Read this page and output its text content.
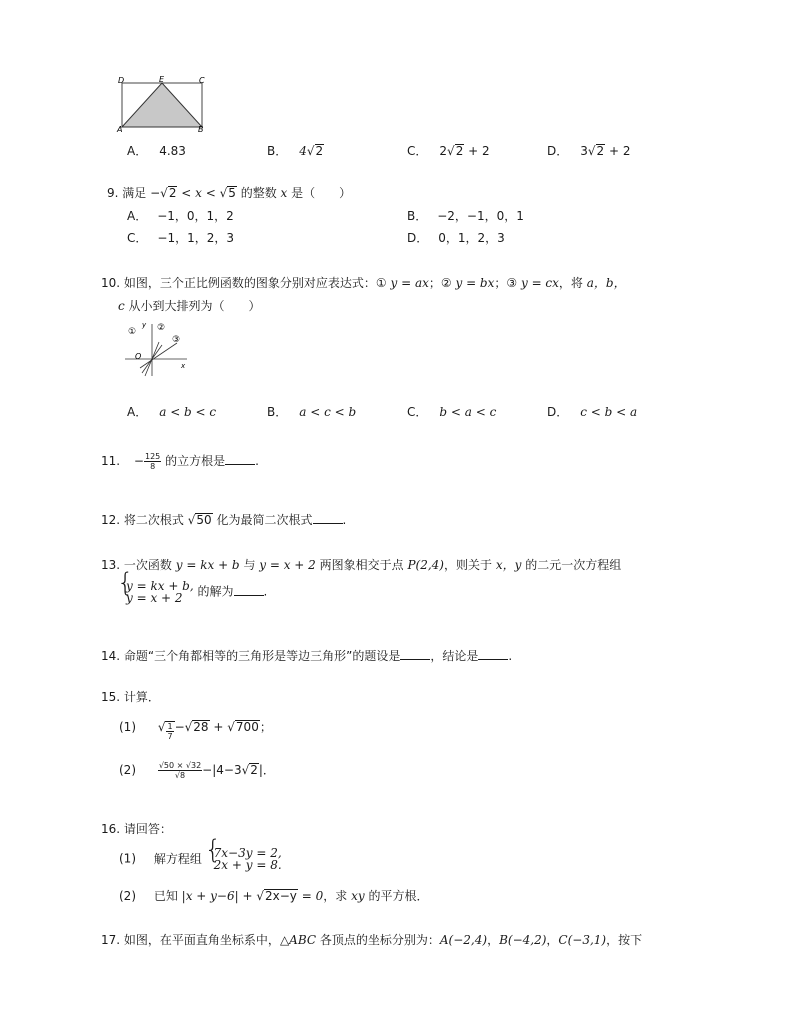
D	E	C
A	B
A． 4.83	B． 4√2	C． 2√2 + 2	D． 3√2 + 2
9. 满足 −√2 < x < √5 的整数 x 是（　　）
A． −1，0，1，2	B． −2，−1，0，1
C． −1，1，2，3	D． 0，1，2，3
10. 如图，三个正比例函数的图象分别对应表达式：① y = ax；② y = bx；③ y = cx，将 a，b，
c 从小到大排列为（　　）
① ②
③
y
O
x
A． a < b < c	B． a < c < b	C． b < a < c	D． c < b < a
11. − $\frac{125}{8}$ 的立方根是	.
12. 将二次根式 √50 化为最简二次根式	.
13. 一次函数 y = kx + b 与 y = x + 2 两图象相交于点 P(2,4)，则关于 x，y 的二元一次方程组
{ y = kx + b,
y = x + 2 的解为	.
14. 命题“三个角都相等的三角形是等边三角形”的题设是	，结论是	.
15. 计算．
(1) √ $\frac{1}{7} -√28 + √700$；
(2)	$\frac{√50 \times √32}{√8} -|4-3√2|$．
16. 请回答：
(1) 解方程组
{ 7x−3y = 2,
2x + y = 8.
(2) 已知 |x + y−6| + √2x−y = 0，求 xy 的平方根．
17. 如图，在平面直角坐标系中，△ABC 各顶点的坐标分别为：A(−2,4)，B(−4,2)，C(−3,1)，按下
